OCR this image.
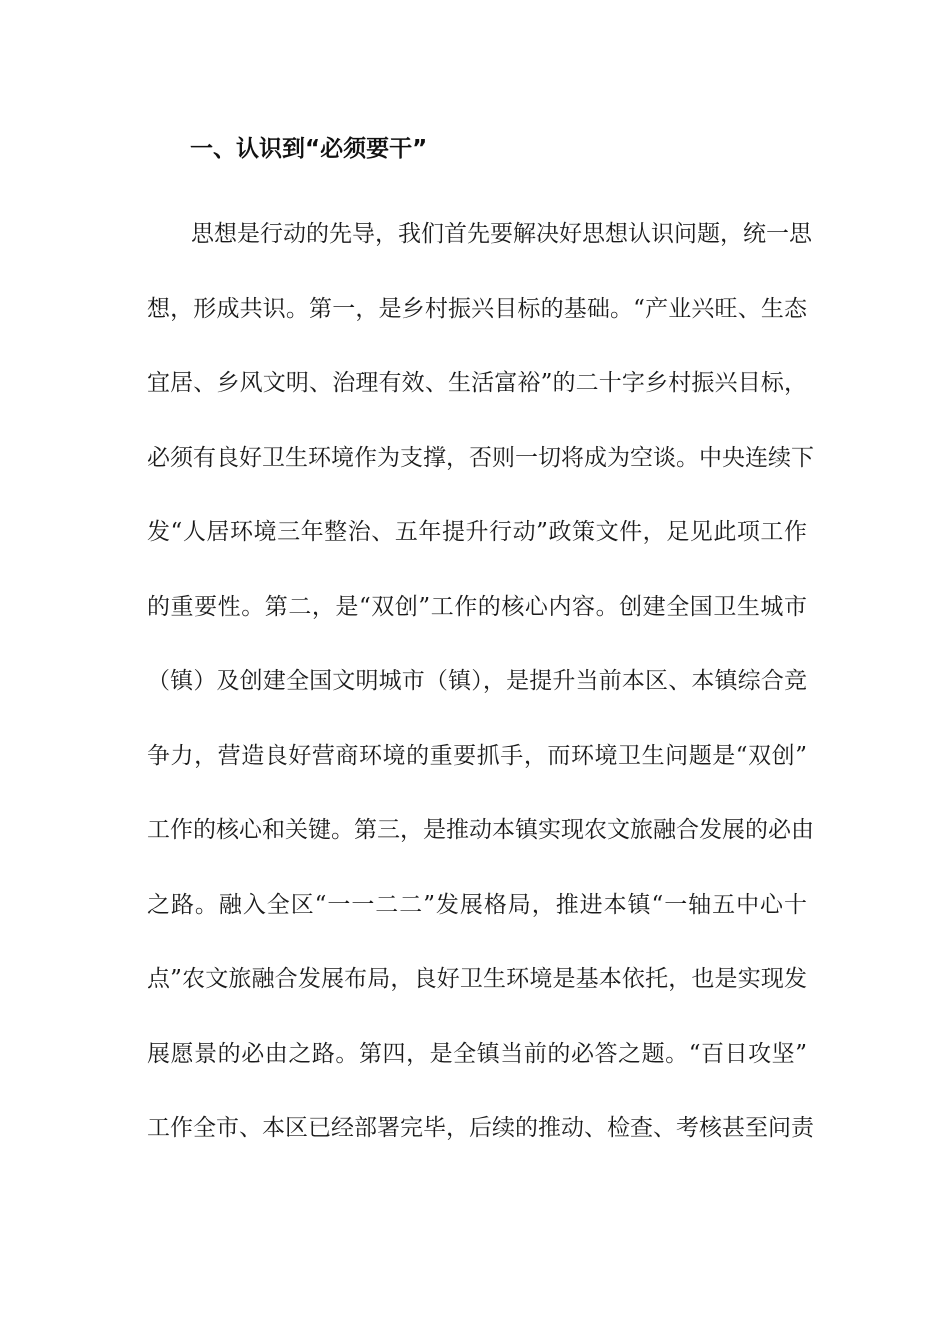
一、认识到“必须要干”
思想是行动的先导，我们首先要解决好思想认识问题，统一思
想，形成共识。第一，是乡村振兴目标的基础。“产业兴旺、生态
宜居、乡风文明、治理有效、生活富裕”的二十字乡村振兴目标，
必须有良好卫生环境作为支撑，否则一切将成为空谈。中央连续下
发“人居环境三年整治、五年提升行动”政策文件，足见此项工作
的重要性。第二，是“双创”工作的核心内容。创建全国卫生城市
（镇）及创建全国文明城市（镇），是提升当前本区、本镇综合竞
争力，营造良好营商环境的重要抓手，而环境卫生问题是“双创”
工作的核心和关键。第三，是推动本镇实现农文旅融合发展的必由
之路。融入全区“一一二二”发展格局，推进本镇“一轴五中心十
点”农文旅融合发展布局，良好卫生环境是基本依托，也是实现发
展愿景的必由之路。第四，是全镇当前的必答之题。“百日攻坚”
工作全市、本区已经部署完毕，后续的推动、检查、考核甚至问责
